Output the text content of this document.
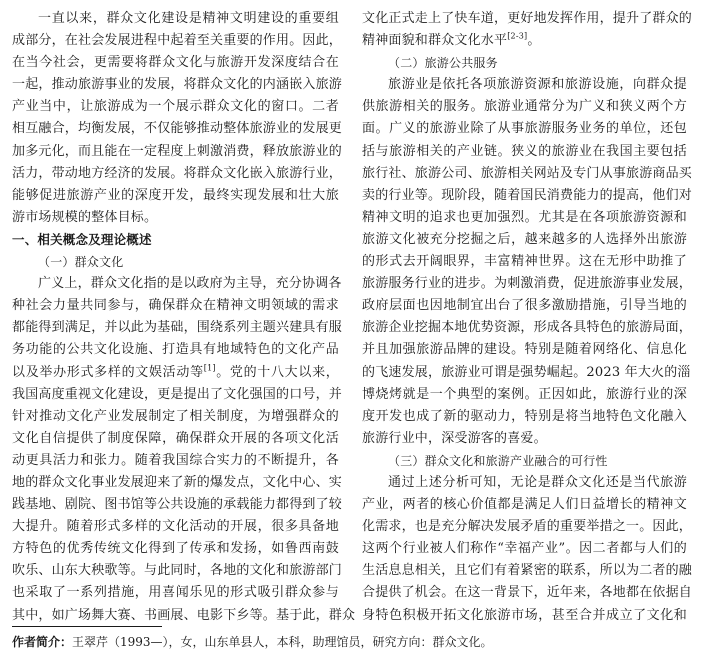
一直以来，群众文化建设是精神文明建设的重要组
成部分，在社会发展进程中起着至关重要的作用。因此，
在当今社会，更需要将群众文化与旅游开发深度结合在
一起，推动旅游事业的发展，将群众文化的内涵嵌入旅游
产业当中，让旅游成为一个展示群众文化的窗口。二者
相互融合，均衡发展，不仅能够推动整体旅游业的发展更
加多元化，而且能在一定程度上刺激消费，释放旅游业的
活力，带动地方经济的发展。将群众文化嵌入旅游行业，
能够促进旅游产业的深度开发，最终实现发展和壮大旅
游市场规模的整体目标。
一、相关概念及理论概述
（一）群众文化
广义上，群众文化指的是以政府为主导，充分协调各
种社会力量共同参与，确保群众在精神文明领域的需求
都能得到满足，并以此为基础，围绕系列主题兴建具有服
务功能的公共文化设施、打造具有地域特色的文化产品
以及举办形式多样的文娱活动等[1]。党的十八大以来，
我国高度重视文化建设，更是提出了文化强国的口号，并
针对推动文化产业发展制定了相关制度，为增强群众的
文化自信提供了制度保障，确保群众开展的各项文化活
动更具活力和张力。随着我国综合实力的不断提升，各
地的群众文化事业发展迎来了新的爆发点，文化中心、实
践基地、剧院、图书馆等公共设施的承载能力都得到了较
大提升。随着形式多样的文化活动的开展，很多具备地
方特色的优秀传统文化得到了传承和发扬，如鲁西南鼓
吹乐、山东大秧歌等。与此同时，各地的文化和旅游部门
也采取了一系列措施，用喜闻乐见的形式吸引群众参与
其中，如广场舞大赛、书画展、电影下乡等。基于此，群众
文化正式走上了快车道，更好地发挥作用，提升了群众的
精神面貌和群众文化水平[2-3]。
（二）旅游公共服务
旅游业是依托各项旅游资源和旅游设施，向群众提
供旅游相关的服务。旅游业通常分为广义和狭义两个方
面。广义的旅游业除了从事旅游服务业务的单位，还包
括与旅游相关的产业链。狭义的旅游业在我国主要包括
旅行社、旅游公司、旅游相关网站及专门从事旅游商品买
卖的行业等。现阶段，随着国民消费能力的提高，他们对
精神文明的追求也更加强烈。尤其是在各项旅游资源和
旅游文化被充分挖掘之后，越来越多的人选择外出旅游
的形式去开阔眼界，丰富精神世界。这在无形中助推了
旅游服务行业的进步。为刺激消费，促进旅游事业发展，
政府层面也因地制宜出台了很多激励措施，引导当地的
旅游企业挖掘本地优势资源，形成各具特色的旅游局面，
并且加强旅游品牌的建设。特别是随着网络化、信息化
的飞速发展，旅游业可谓是强势崛起。2023 年大火的淄
博烧烤就是一个典型的案例。正因如此，旅游行业的深
度开发也成了新的驱动力，特别是将当地特色文化融入
旅游行业中，深受游客的喜爱。
（三）群众文化和旅游产业融合的可行性
通过上述分析可知，无论是群众文化还是当代旅游
产业，两者的核心价值都是满足人们日益增长的精神文
化需求，也是充分解决发展矛盾的重要举措之一。因此，
这两个行业被人们称作“幸福产业”。因二者都与人们的
生活息息相关，且它们有着紧密的联系，所以为二者的融
合提供了机会。在这一背景下，近年来，各地都在依据自
身特色积极开拓文化旅游市场，甚至合并成立了文化和
作者简介：王翠芹（1993—），女，山东单县人，本科，助理馆员，研究方向：群众文化。
